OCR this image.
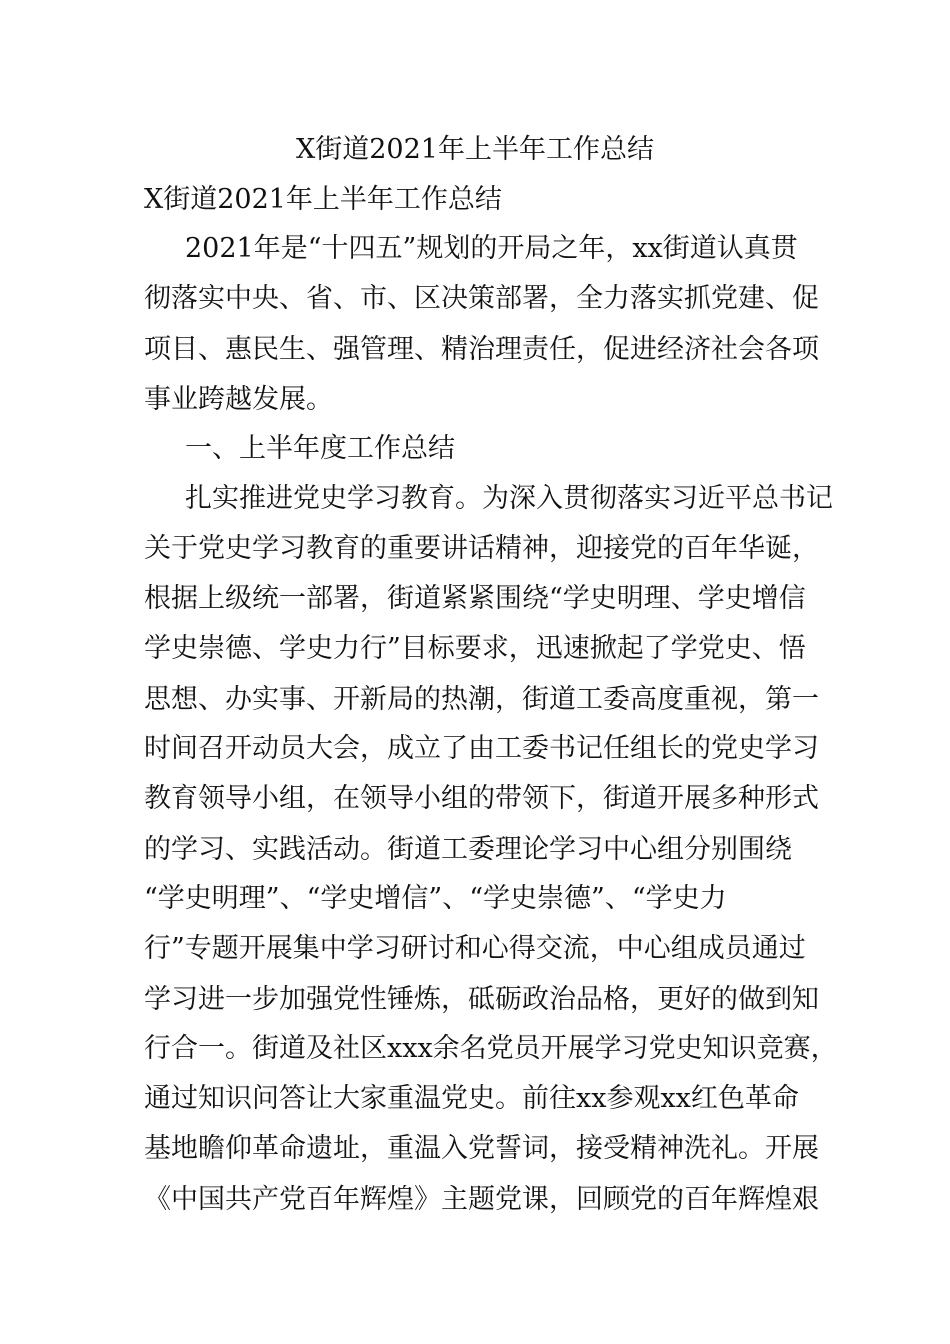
X街道2021年上半年工作总结
X街道2021年上半年工作总结
2021年是“十四五”规划的开局之年，xx街道认真贯
彻落实中央、省、市、区决策部署，全力落实抓党建、促
项目、惠民生、强管理、精治理责任，促进经济社会各项
事业跨越发展。
一、上半年度工作总结
扎实推进党史学习教育。为深入贯彻落实习近平总书记
关于党史学习教育的重要讲话精神，迎接党的百年华诞，
根据上级统一部署，街道紧紧围绕“学史明理、学史增信
学史崇德、学史力行”目标要求，迅速掀起了学党史、悟
思想、办实事、开新局的热潮，街道工委高度重视，第一
时间召开动员大会，成立了由工委书记任组长的党史学习
教育领导小组，在领导小组的带领下，街道开展多种形式
的学习、实践活动。街道工委理论学习中心组分别围绕
“学史明理”、“学史增信”、“学史崇德”、“学史力
行”专题开展集中学习研讨和心得交流，中心组成员通过
学习进一步加强党性锤炼，砥砺政治品格，更好的做到知
行合一。街道及社区xxx余名党员开展学习党史知识竞赛，
通过知识问答让大家重温党史。前往xx参观xx红色革命
基地瞻仰革命遗址，重温入党誓词，接受精神洗礼。开展
《中国共产党百年辉煌》主题党课，回顾党的百年辉煌艰
